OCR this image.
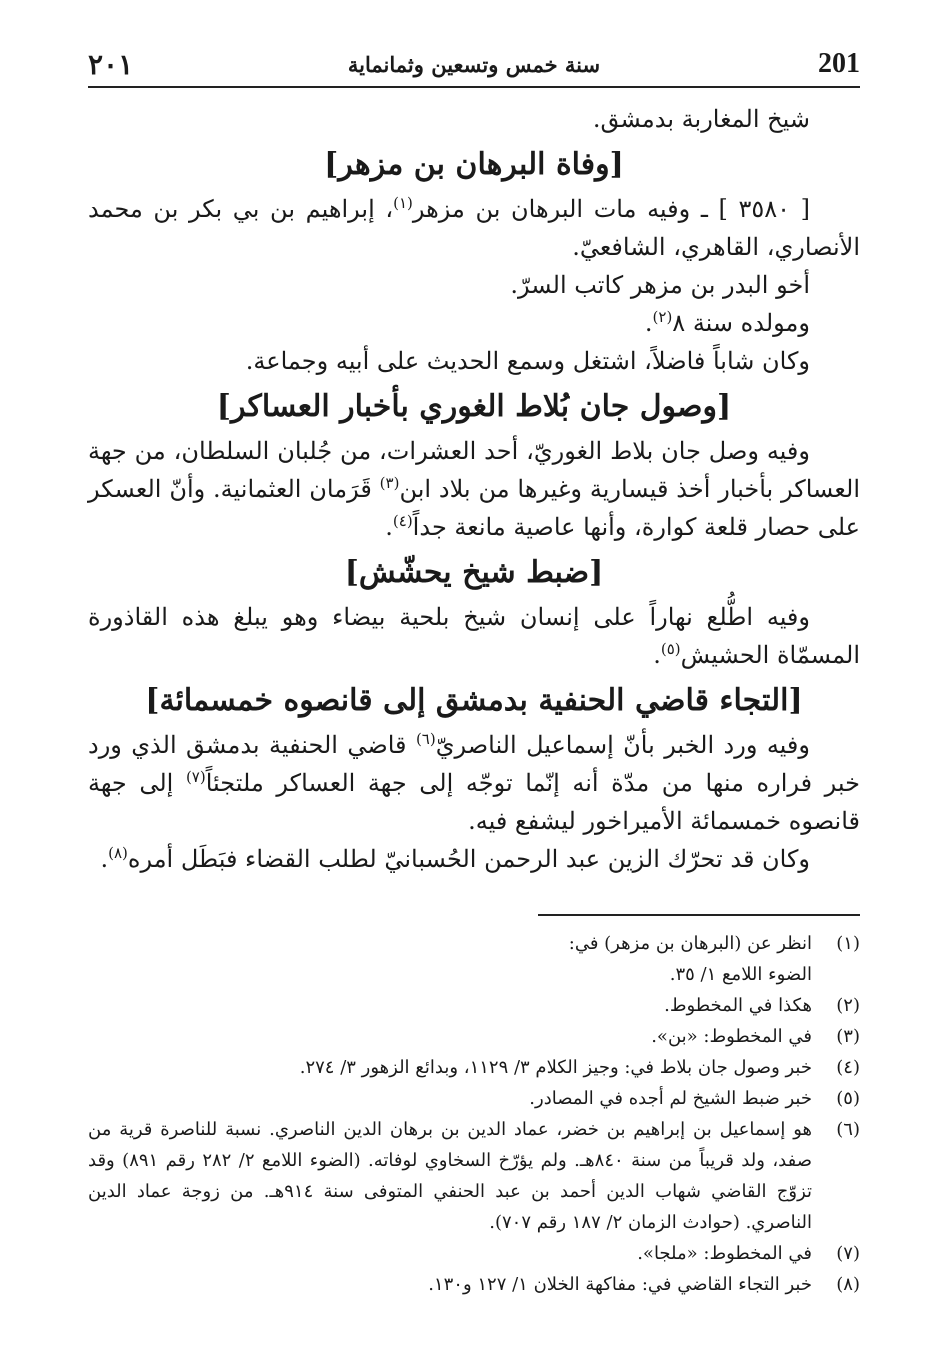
٢٠١	سنة خمس وتسعين وثمانماية	201

شيخ المغاربة بدمشق.

[وفاة البرهان بن مزهر]

[ ٣٥٨٠ ] ـ وفيه مات البرهان بن مزهر$^{(١)}$، إبراهيم بن بي بكر بن محمد الأنصاري، القاهري، الشافعيّ.

أخو البدر بن مزهر كاتب السرّ.

ومولده سنة ٨$^{(٢)}$.

وكان شاباً فاضلاً، اشتغل وسمع الحديث على أبيه وجماعة.

[وصول جان بُلاط الغوري بأخبار العساكر]

وفيه وصل جان بلاط الغوريّ، أحد العشرات، من جُلبان السلطان، من جهة العساكر بأخبار أخذ قيسارية وغيرها من بلاد ابن$^{(٣)}$ قَرَمان العثمانية. وأنّ العسكر على حصار قلعة كوارة، وأنها عاصية مانعة جداً$^{(٤)}$.

[ضبط شيخ يحشّش]

وفيه اطُّلع نهاراً على إنسان شيخ بلحية بيضاء وهو يبلغ هذه القاذورة المسمّاة الحشيش$^{(٥)}$.

[التجاء قاضي الحنفية بدمشق إلى قانصوه خمسمائة]

وفيه ورد الخبر بأنّ إسماعيل الناصريّ$^{(٦)}$ قاضي الحنفية بدمشق الذي ورد خبر فراره منها من مدّة أنه إنّما توجّه إلى جهة العساكر ملتجئاً$^{(٧)}$ إلى جهة قانصوه خمسمائة الأميراخور ليشفع فيه.

وكان قد تحرّك الزين عبد الرحمن الحُسبانيّ لطلب القضاء فبَطَل أمره$^{(٨)}$.

(١)
انظر عن (البرهان بن مزهر) في:
الضوء اللامع ١/ ٣٥.
(٢)
هكذا في المخطوط.
(٣)
في المخطوط: «بن».
(٤)
خبر وصول جان بلاط في: وجيز الكلام ٣/ ١١٢٩، وبدائع الزهور ٣/ ٢٧٤.
(٥)
خبر ضبط الشيخ لم أجده في المصادر.
(٦)
هو إسماعيل بن إبراهيم بن خضر، عماد الدين بن برهان الدين الناصري. نسبة للناصرة قرية من صفد، ولد قريباً من سنة ٨٤٠هـ. ولم يؤرّخ السخاوي لوفاته. (الضوء اللامع ٢/ ٢٨٢ رقم ٨٩١) وقد تزوّج القاضي شهاب الدين أحمد بن عبد الحنفي المتوفى سنة ٩١٤هـ. من زوجة عماد الدين الناصري. (حوادث الزمان ٢/ ١٨٧ رقم ٧٠٧).
(٧)
في المخطوط: «ملجا».
(٨)
خبر التجاء القاضي في: مفاكهة الخلان ١/ ١٢٧ و١٣٠.
